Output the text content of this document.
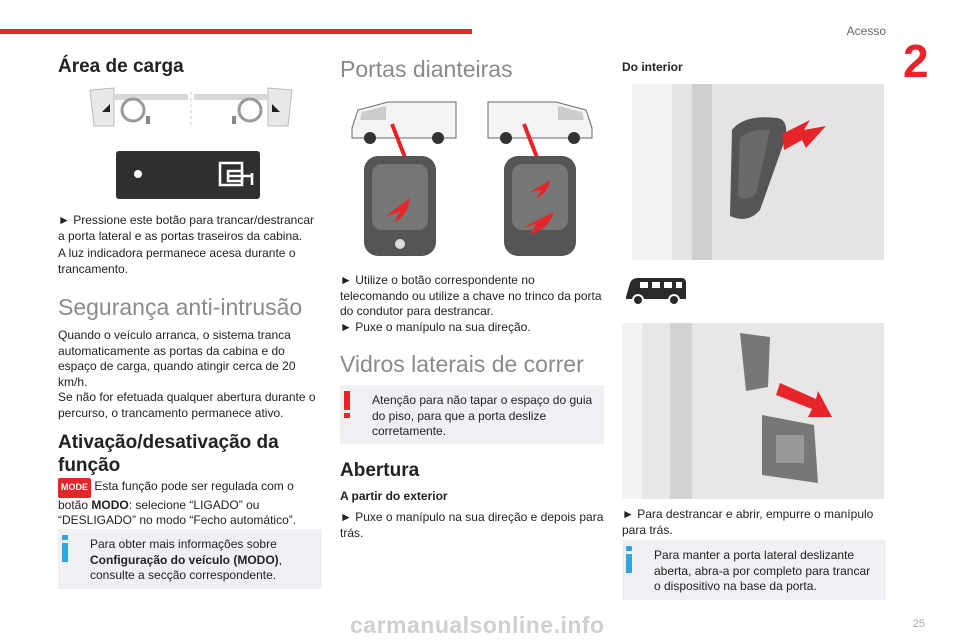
Acesso
2
Área de carga

► Pressione este botão para trancar/destrancar a porta lateral e as portas traseiros da cabina.

A luz indicadora permanece acesa durante o trancamento.

Segurança anti-intrusão

Quando o veículo arranca, o sistema tranca automaticamente as portas da cabina e do espaço de carga, quando atingir cerca de 20 km/h.

Se não for efetuada qualquer abertura durante o percurso, o trancamento permanece ativo.

Ativação/desativação da função

MODE Esta função pode ser regulada com o botão MODO: selecione “LIGADO” ou “DESLIGADO” no modo “Fecho automático”.

Para obter mais informações sobre Configuração do veículo (MODO), consulte a secção correspondente.

Portas dianteiras

► Utilize o botão correspondente no telecomando ou utilize a chave no trinco da porta do condutor para destrancar.

► Puxe o manípulo na sua direção.

Vidros laterais de correr

Atenção para não tapar o espaço do guia do piso, para que a porta deslize corretamente.

Abertura
A partir do exterior

► Puxe o manípulo na sua direção e depois para trás.

Do interior

► Para destrancar e abrir, empurre o manípulo para trás.

Para manter a porta lateral deslizante aberta, abra-a por completo para trancar o dispositivo na base da porta.

carmanualsonline.info	25
